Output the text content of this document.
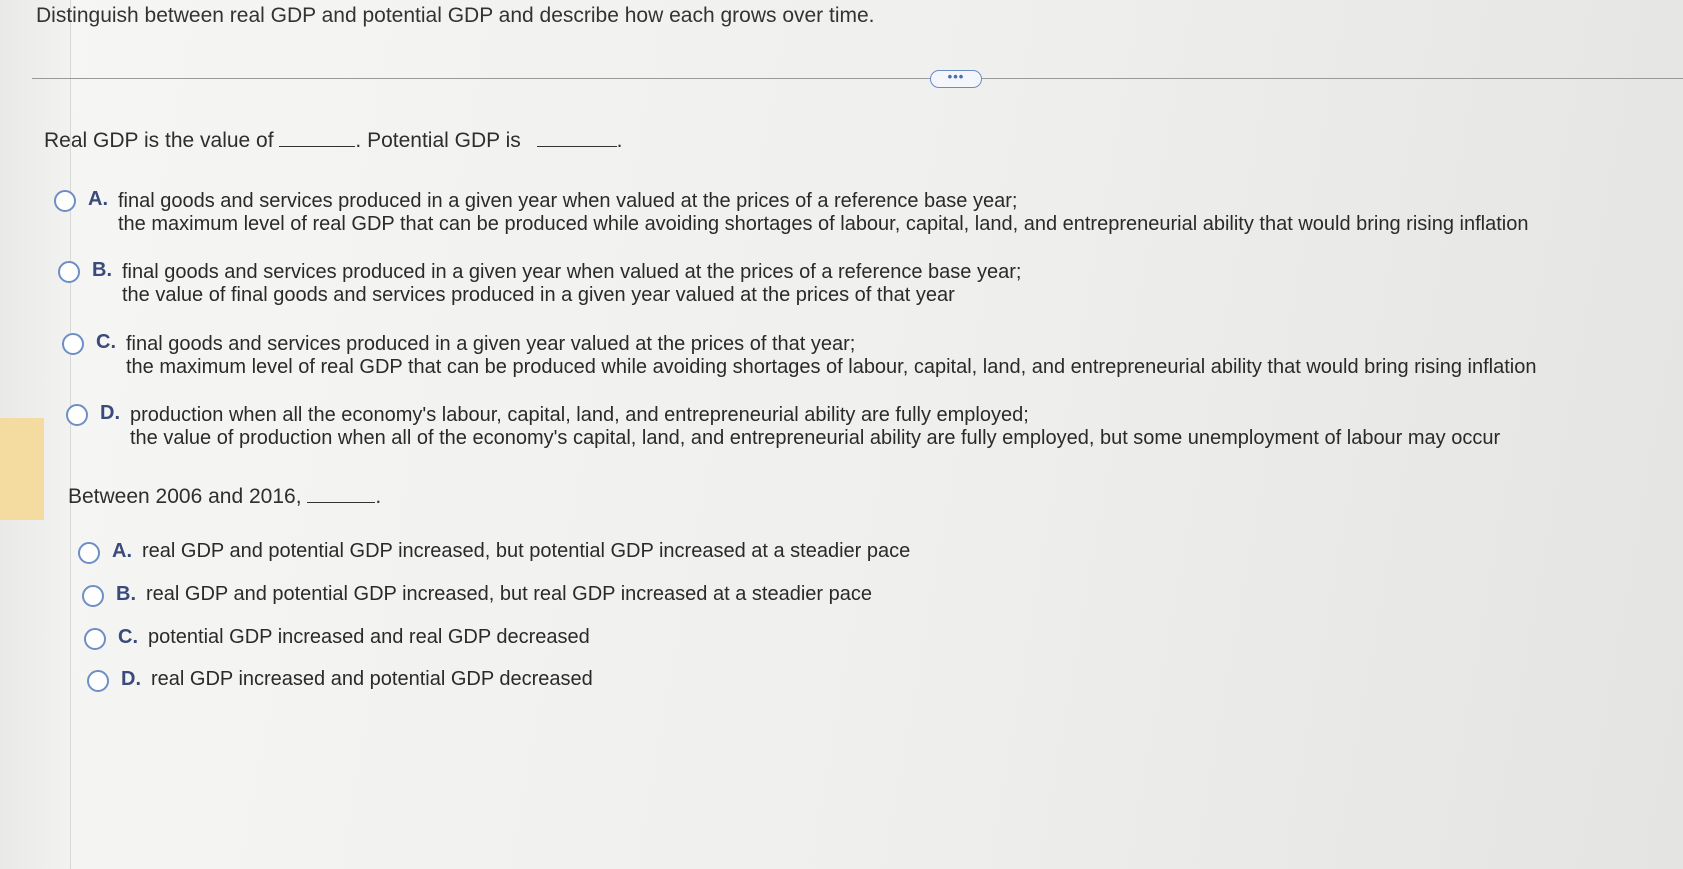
Distinguish between real GDP and potential GDP and describe how each grows over time.
•••
Real GDP is the value of	. Potential GDP is	.
A. final goods and services produced in a given year when valued at the prices of a reference base year;
the maximum level of real GDP that can be produced while avoiding shortages of labour, capital, land, and entrepreneurial ability that would bring rising inflation
B. final goods and services produced in a given year when valued at the prices of a reference base year;
the value of final goods and services produced in a given year valued at the prices of that year
C. final goods and services produced in a given year valued at the prices of that year;
the maximum level of real GDP that can be produced while avoiding shortages of labour, capital, land, and entrepreneurial ability that would bring rising inflation
D. production when all the economy's labour, capital, land, and entrepreneurial ability are fully employed;
the value of production when all of the economy's capital, land, and entrepreneurial ability are fully employed, but some unemployment of labour may occur
Between 2006 and 2016,	.
A. real GDP and potential GDP increased, but potential GDP increased at a steadier pace
B. real GDP and potential GDP increased, but real GDP increased at a steadier pace
C. potential GDP increased and real GDP decreased
D. real GDP increased and potential GDP decreased
